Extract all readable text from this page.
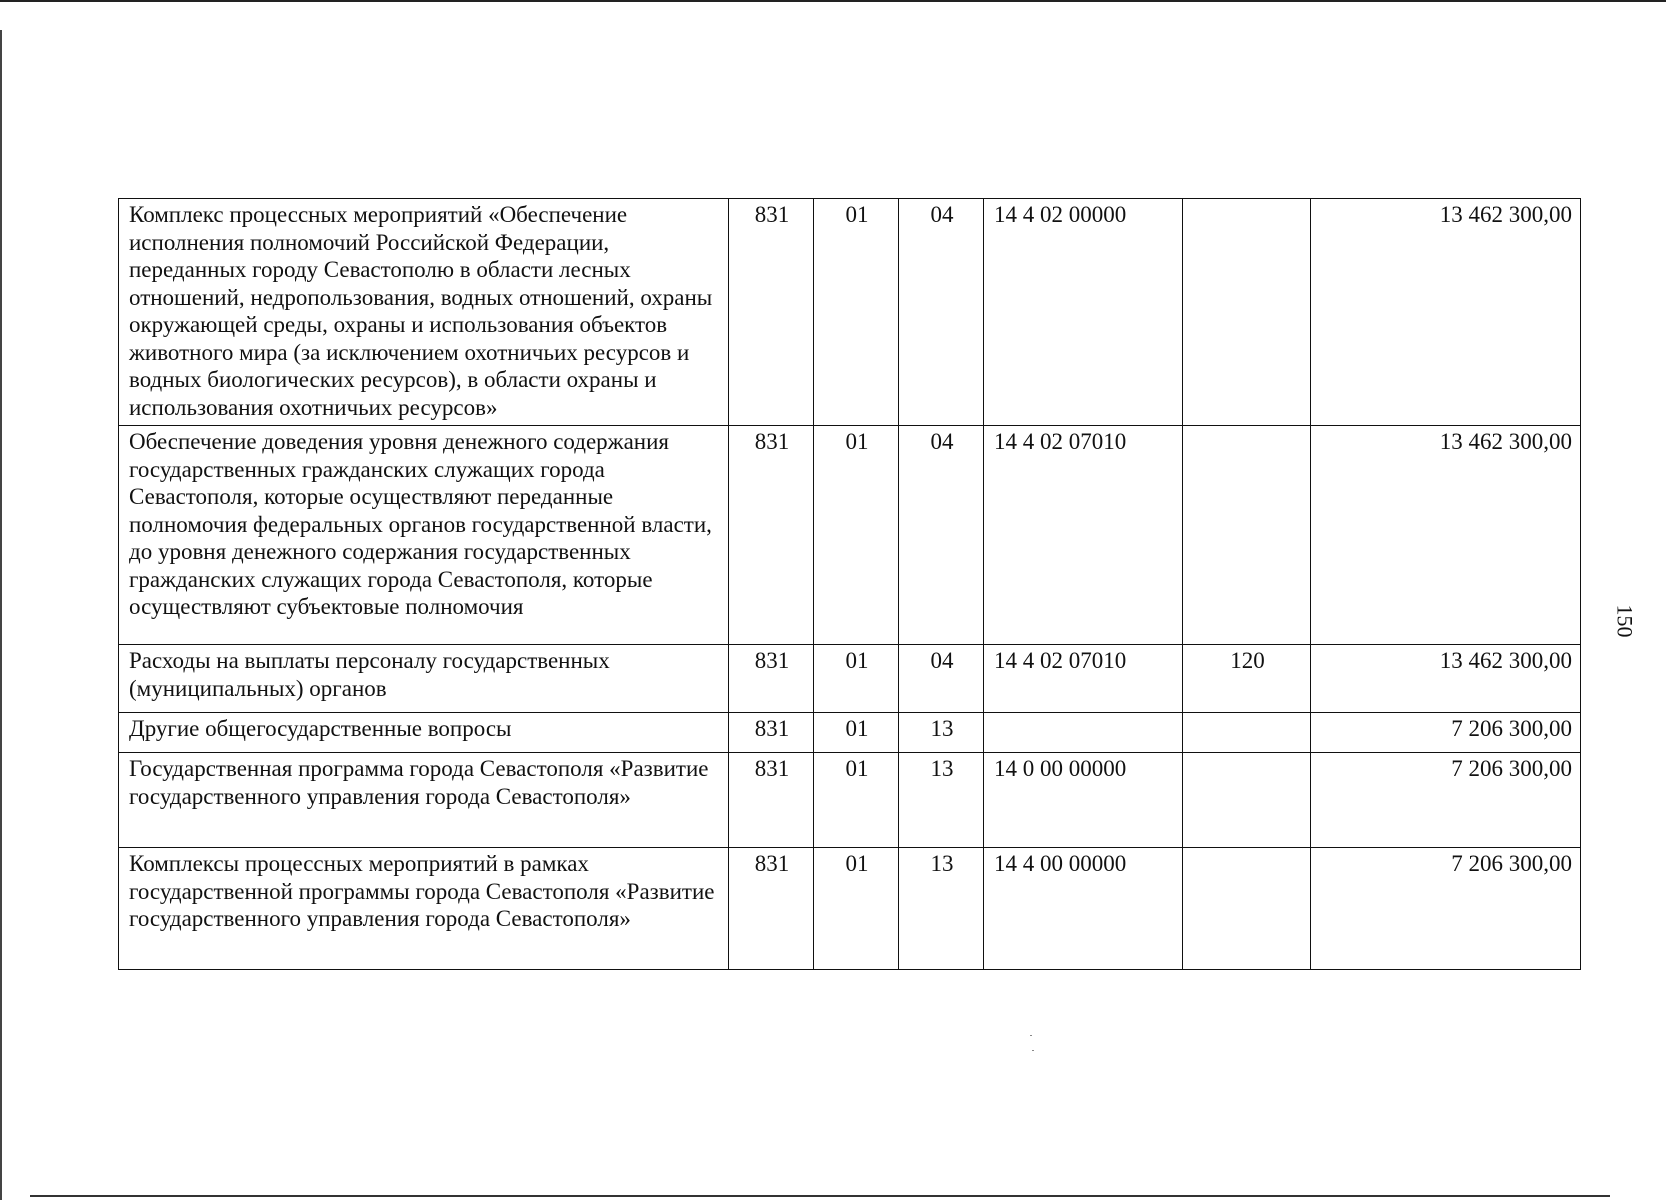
Комплекс процессных мероприятий «Обеспечение исполнения полномочий Российской Федерации, переданных городу Севастополю в области лесных отношений, недропользования, водных отношений, охраны окружающей среды, охраны и использования объектов животного мира (за исключением охотничьих ресурсов и водных биологических ресурсов), в области охраны и использования охотничьих ресурсов»	831	01	04	14 4 02 00000		13 462 300,00
Обеспечение доведения уровня денежного содержания государственных гражданских служащих города Севастополя, которые осуществляют переданные полномочия федеральных органов государственной власти, до уровня денежного содержания государственных гражданских служащих города Севастополя, которые осуществляют субъектовые полномочия	831	01	04	14 4 02 07010		13 462 300,00
Расходы на выплаты персоналу государственных (муниципальных) органов	831	01	04	14 4 02 07010	120	13 462 300,00
Другие общегосударственные вопросы	831	01	13			7 206 300,00
Государственная программа города Севастополя «Развитие государственного управления города Севастополя»	831	01	13	14 0 00 00000		7 206 300,00
Комплексы процессных мероприятий в рамках государственной программы города Севастополя «Развитие государственного управления города Севастополя»	831	01	13	14 4 00 00000		7 206 300,00
150
